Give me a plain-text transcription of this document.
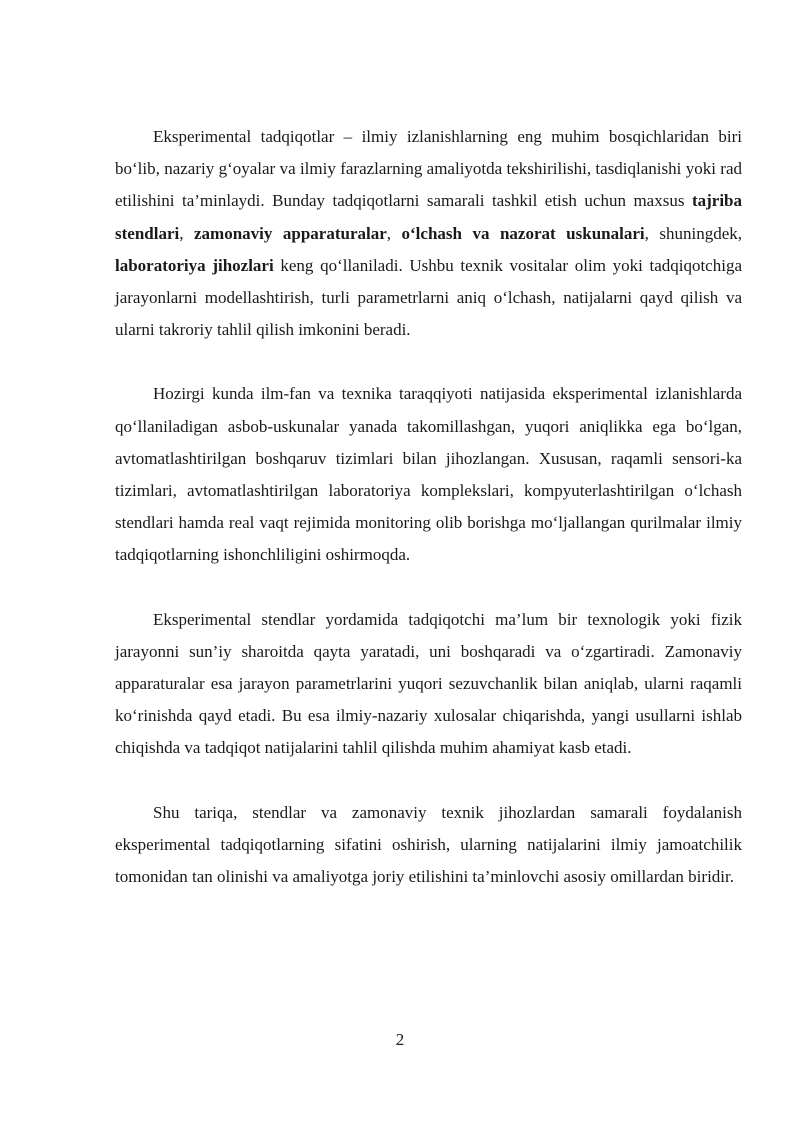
Eksperimental tadqiqotlar – ilmiy izlanishlarning eng muhim bosqichlaridan biri bo‘lib, nazariy g‘oyalar va ilmiy farazlarning amaliyotda tekshirilishi, tasdiqlanishi yoki rad etilishini ta’minlaydi. Bunday tadqiqotlarni samarali tashkil etish uchun maxsus tajriba stendlari, zamonaviy apparaturalar, o‘lchash va nazorat uskunalari, shuningdek, laboratoriya jihozlari keng qo‘llaniladi. Ushbu texnik vositalar olim yoki tadqiqotchiga jarayonlarni modellashtirish, turli parametrlarni aniq o‘lchash, natijalarni qayd qilish va ularni takroriy tahlil qilish imkonini beradi.

Hozirgi kunda ilm-fan va texnika taraqqiyoti natijasida eksperimental izlanishlarda qo‘llaniladigan asbob-uskunalar yanada takomillashgan, yuqori aniqlikka ega bo‘lgan, avtomatlashtirilgan boshqaruv tizimlari bilan jihozlangan. Xususan, raqamli sensori-ka tizimlari, avtomatlashtirilgan laboratoriya komplekslari, kompyuterlashtirilgan o‘lchash stendlari hamda real vaqt rejimida monitoring olib borishga mo‘ljallangan qurilmalar ilmiy tadqiqotlarning ishonchliligini oshirmoqda.

Eksperimental stendlar yordamida tadqiqotchi ma’lum bir texnologik yoki fizik jarayonni sun’iy sharoitda qayta yaratadi, uni boshqaradi va o‘zgartiradi. Zamonaviy apparaturalar esa jarayon parametrlarini yuqori sezuvchanlik bilan aniqlab, ularni raqamli ko‘rinishda qayd etadi. Bu esa ilmiy-nazariy xulosalar chiqarishda, yangi usullarni ishlab chiqishda va tadqiqot natijalarini tahlil qilishda muhim ahamiyat kasb etadi.

Shu tariqa, stendlar va zamonaviy texnik jihozlardan samarali foydalanish eksperimental tadqiqotlarning sifatini oshirish, ularning natijalarini ilmiy jamoatchilik tomonidan tan olinishi va amaliyotga joriy etilishini ta’minlovchi asosiy omillardan biridir.

2
